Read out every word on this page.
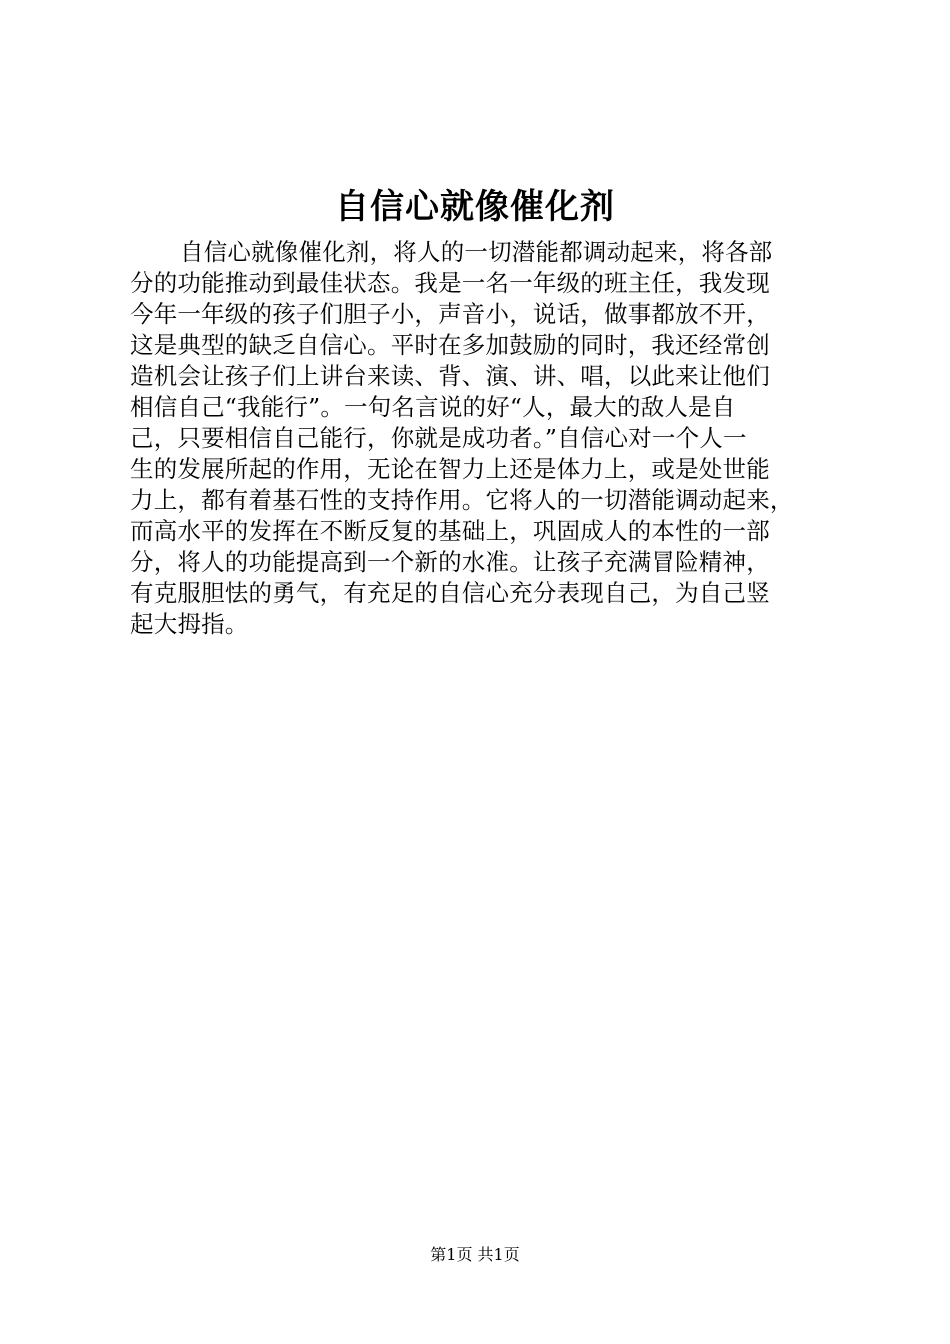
自信心就像催化剂
自信心就像催化剂，将人的一切潜能都调动起来，将各部
分的功能推动到最佳状态。我是一名一年级的班主任，我发现
今年一年级的孩子们胆子小，声音小，说话，做事都放不开，
这是典型的缺乏自信心。平时在多加鼓励的同时，我还经常创
造机会让孩子们上讲台来读、背、演、讲、唱，以此来让他们
相信自己“我能行”。一句名言说的好“人，最大的敌人是自
己，只要相信自己能行，你就是成功者。”自信心对一个人一
生的发展所起的作用，无论在智力上还是体力上，或是处世能
力上，都有着基石性的支持作用。它将人的一切潜能调动起来，
而高水平的发挥在不断反复的基础上，巩固成人的本性的一部
分，将人的功能提高到一个新的水准。让孩子充满冒险精神，
有克服胆怯的勇气，有充足的自信心充分表现自己，为自己竖
起大拇指。
第1页 共1页
